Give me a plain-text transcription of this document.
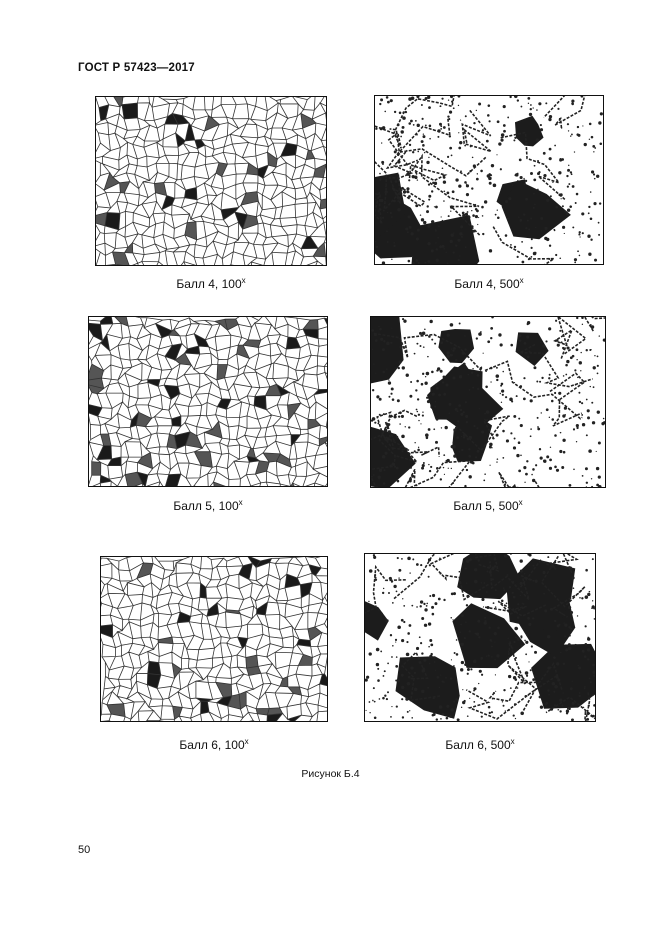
ГОСТ Р 57423—2017
Балл 4, $100^х$	Балл 4, $500^х$
Балл 5, $100^х$	Балл 5, $500^х$
Балл 6, $100^х$	Балл 6, $500^х$
Рисунок Б.4
50
